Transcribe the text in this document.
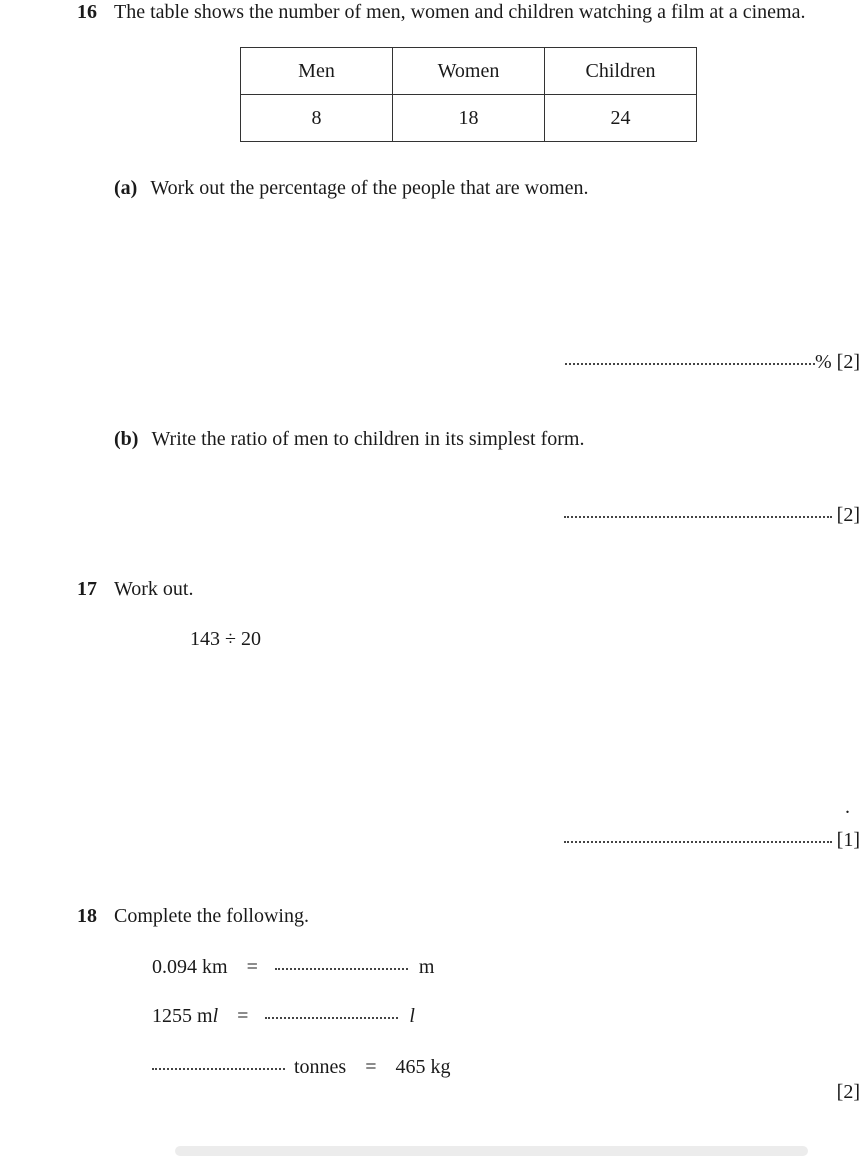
16 The table shows the number of men, women and children watching a film at a cinema.
Men	Women	Children
8	18	24
(a) Work out the percentage of the people that are women.
% [2]
(b) Write the ratio of men to children in its simplest form.
[2]
17 Work out.
143 ÷ 20
.
[1]
18 Complete the following.
0.094 km =	m
1255 ml =	l
tonnes = 465 kg
[2]
